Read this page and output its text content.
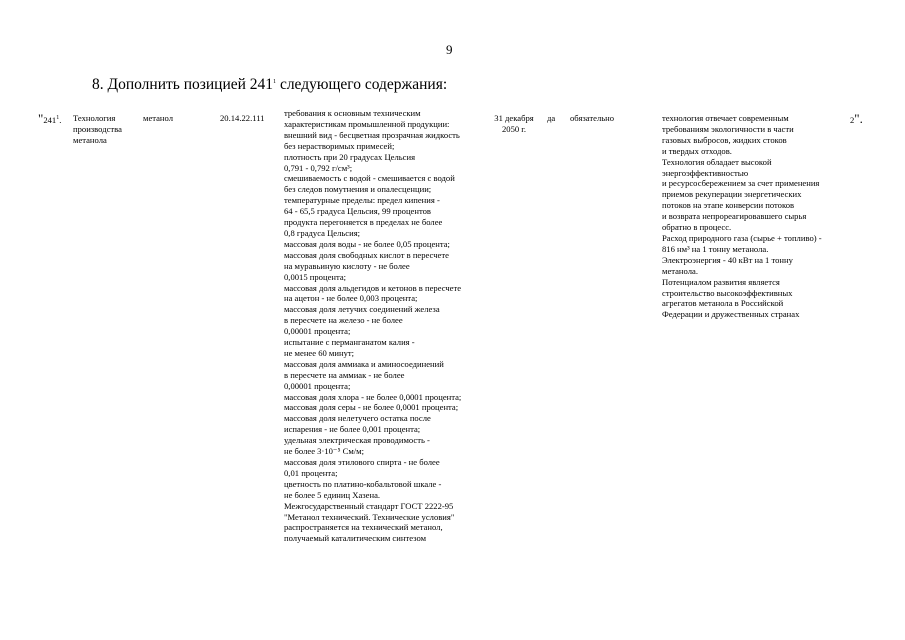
9
8. Дополнить позицией $241^1$ следующего содержания:
"$241^1$. Технология производства метанола
метанол	20.14.22.111 требования к основным техническим
характеристикам промышленной продукции:
внешний вид - бесцветная прозрачная жидкость
без нерастворимых примесей;
плотность при 20 градусах Цельсия
0,791 - 0,792 г/см³;
смешиваемость с водой - смешивается с водой
без следов помутнения и опалесценции;
температурные пределы: предел кипения -
64 - 65,5 градуса Цельсия, 99 процентов
продукта перегоняется в пределах не более
0,8 градуса Цельсия;
массовая доля воды - не более 0,05 процента;
массовая доля свободных кислот в пересчете
на муравьиную кислоту - не более
0,0015 процента;
массовая доля альдегидов и кетонов в пересчете
на ацетон - не более 0,003 процента;
массовая доля летучих соединений железа
в пересчете на железо - не более
0,00001 процента;
испытание с перманганатом калия -
не менее 60 минут;
массовая доля аммиака и аминосоединений
в пересчете на аммиак - не более
0,00001 процента;
массовая доля хлора - не более 0,0001 процента;
массовая доля серы - не более 0,0001 процента;
массовая доля нелетучего остатка после
испарения - не более 0,001 процента;
удельная электрическая проводимость -
не более 3·10⁻⁵ См/м;
массовая доля этилового спирта - не более
0,01 процента;
цветность по платино-кобальтовой шкале -
не более 5 единиц Хазена.
Межгосударственный стандарт ГОСТ 2222-95
"Метанол технический. Технические условия"
распространяется на технический метанол,
получаемый каталитическим синтезом
31 декабря 2050 г.
да обязательно	технология отвечает современным
требованиям экологичности в части
газовых выбросов, жидких стоков
и твердых отходов.
Технология обладает высокой
энергоэффективностью
и ресурсосбережением за счет применения
приемов рекуперации энергетических
потоков на этапе конверсии потоков
и возврата непрореагировавшего сырья
обратно в процесс.
Расход природного газа (сырье + топливо) -
816 нм³ на 1 тонну метанола.
Электроэнергия - 40 кВт на 1 тонну
метанола.
Потенциалом развития является
строительство высокоэффективных
агрегатов метанола в Российской
Федерации и дружественных странах
2".
